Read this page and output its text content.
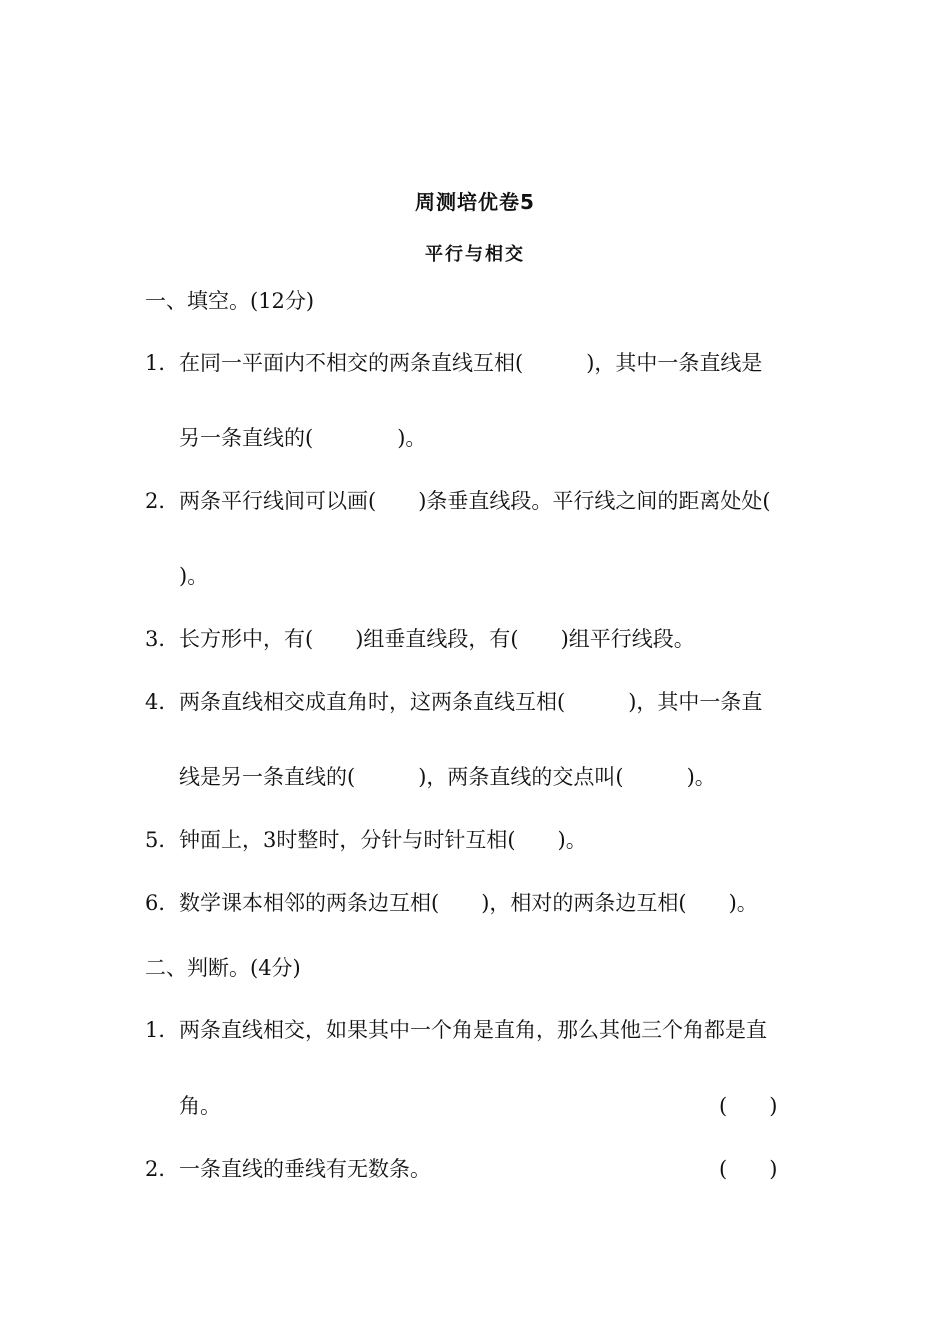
周测培优卷5
平行与相交
一、填空。(12分)
1．在同一平面内不相交的两条直线互相(　　　)，其中一条直线是
另一条直线的(　　　　)。
2．两条平行线间可以画(　　)条垂直线段。平行线之间的距离处处(
)。
3．长方形中，有(　　)组垂直线段，有(　　)组平行线段。
4．两条直线相交成直角时，这两条直线互相(　　　)，其中一条直
线是另一条直线的(　　　)，两条直线的交点叫(　　　)。
5．钟面上，3时整时，分针与时针互相(　　)。
6．数学课本相邻的两条边互相(　　)，相对的两条边互相(　　)。
二、判断。(4分)
1．两条直线相交，如果其中一个角是直角，那么其他三个角都是直
角。	(　　)
2．一条直线的垂线有无数条。	(　　)
